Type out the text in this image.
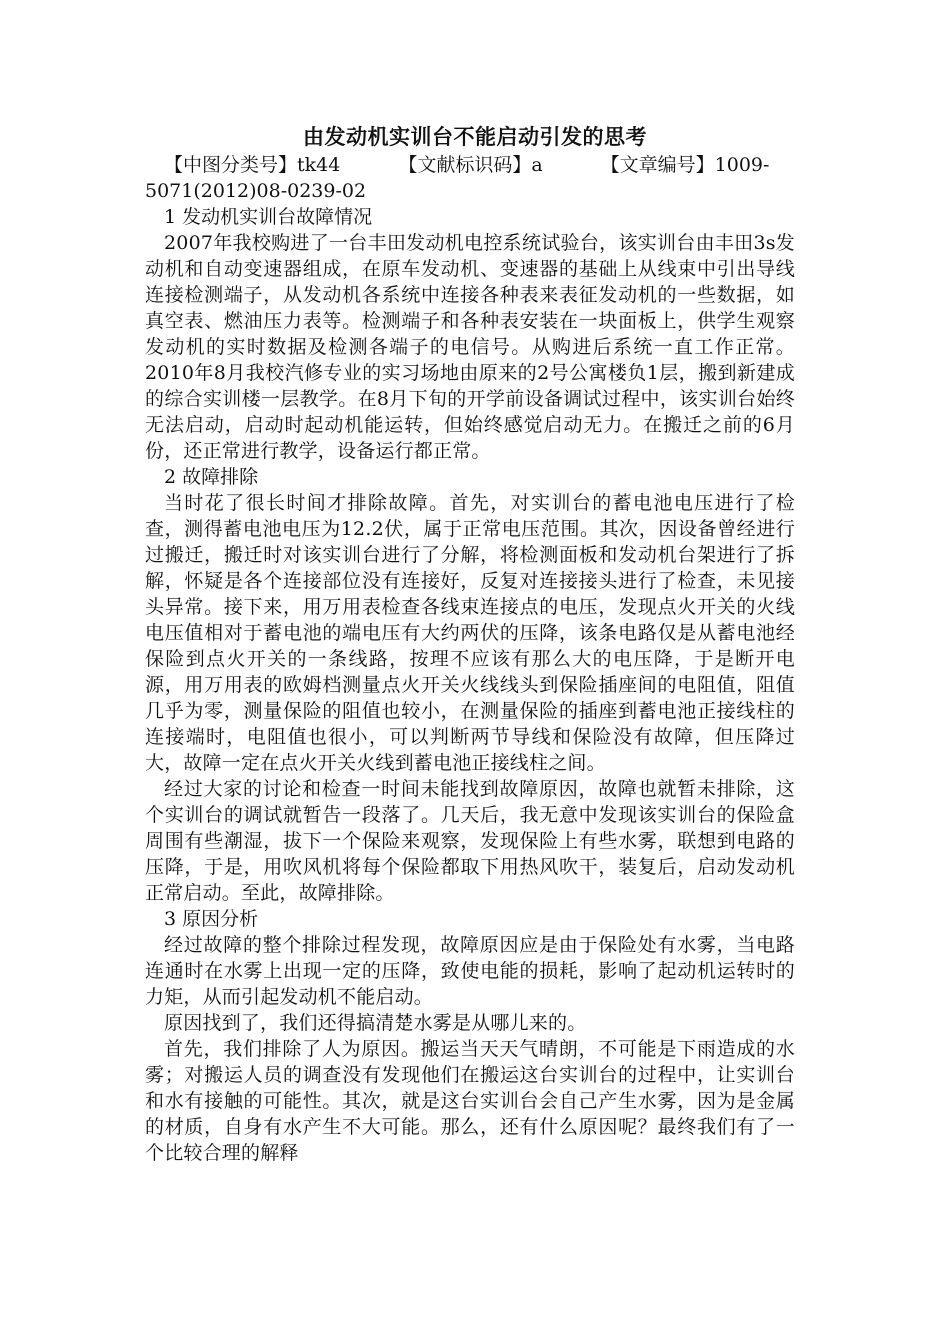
由发动机实训台不能启动引发的思考

【中图分类号】tk44	【文献标识码】a	【文章编号】1009-5071(2012)08-0239-02

1 发动机实训台故障情况

2007年我校购进了一台丰田发动机电控系统试验台，该实训台由丰田3s发动机和自动变速器组成，在原车发动机、变速器的基础上从线束中引出导线连接检测端子，从发动机各系统中连接各种表来表征发动机的一些数据，如真空表、燃油压力表等。检测端子和各种表安装在一块面板上，供学生观察发动机的实时数据及检测各端子的电信号。从购进后系统一直工作正常。2010年8月我校汽修专业的实习场地由原来的2号公寓楼负1层，搬到新建成的综合实训楼一层教学。在8月下旬的开学前设备调试过程中，该实训台始终无法启动，启动时起动机能运转，但始终感觉启动无力。在搬迁之前的6月份，还正常进行教学，设备运行都正常。

2 故障排除

当时花了很长时间才排除故障。首先，对实训台的蓄电池电压进行了检查，测得蓄电池电压为12.2伏，属于正常电压范围。其次，因设备曾经进行过搬迁，搬迁时对该实训台进行了分解，将检测面板和发动机台架进行了拆解，怀疑是各个连接部位没有连接好，反复对连接接头进行了检查，未见接头异常。接下来，用万用表检查各线束连接点的电压，发现点火开关的火线电压值相对于蓄电池的端电压有大约两伏的压降，该条电路仅是从蓄电池经保险到点火开关的一条线路，按理不应该有那么大的电压降，于是断开电源，用万用表的欧姆档测量点火开关火线线头到保险插座间的电阻值，阻值几乎为零，测量保险的阻值也较小，在测量保险的插座到蓄电池正接线柱的连接端时，电阻值也很小，可以判断两节导线和保险没有故障，但压降过大，故障一定在点火开关火线到蓄电池正接线柱之间。

经过大家的讨论和检查一时间未能找到故障原因，故障也就暂未排除，这个实训台的调试就暂告一段落了。几天后，我无意中发现该实训台的保险盒周围有些潮湿，拔下一个保险来观察，发现保险上有些水雾，联想到电路的压降，于是，用吹风机将每个保险都取下用热风吹干，装复后，启动发动机正常启动。至此，故障排除。

3 原因分析

经过故障的整个排除过程发现，故障原因应是由于保险处有水雾，当电路连通时在水雾上出现一定的压降，致使电能的损耗，影响了起动机运转时的力矩，从而引起发动机不能启动。

原因找到了，我们还得搞清楚水雾是从哪儿来的。

首先，我们排除了人为原因。搬运当天天气晴朗，不可能是下雨造成的水雾；对搬运人员的调查没有发现他们在搬运这台实训台的过程中，让实训台和水有接触的可能性。其次，就是这台实训台会自己产生水雾，因为是金属的材质，自身有水产生不大可能。那么，还有什么原因呢？最终我们有了一个比较合理的解释
